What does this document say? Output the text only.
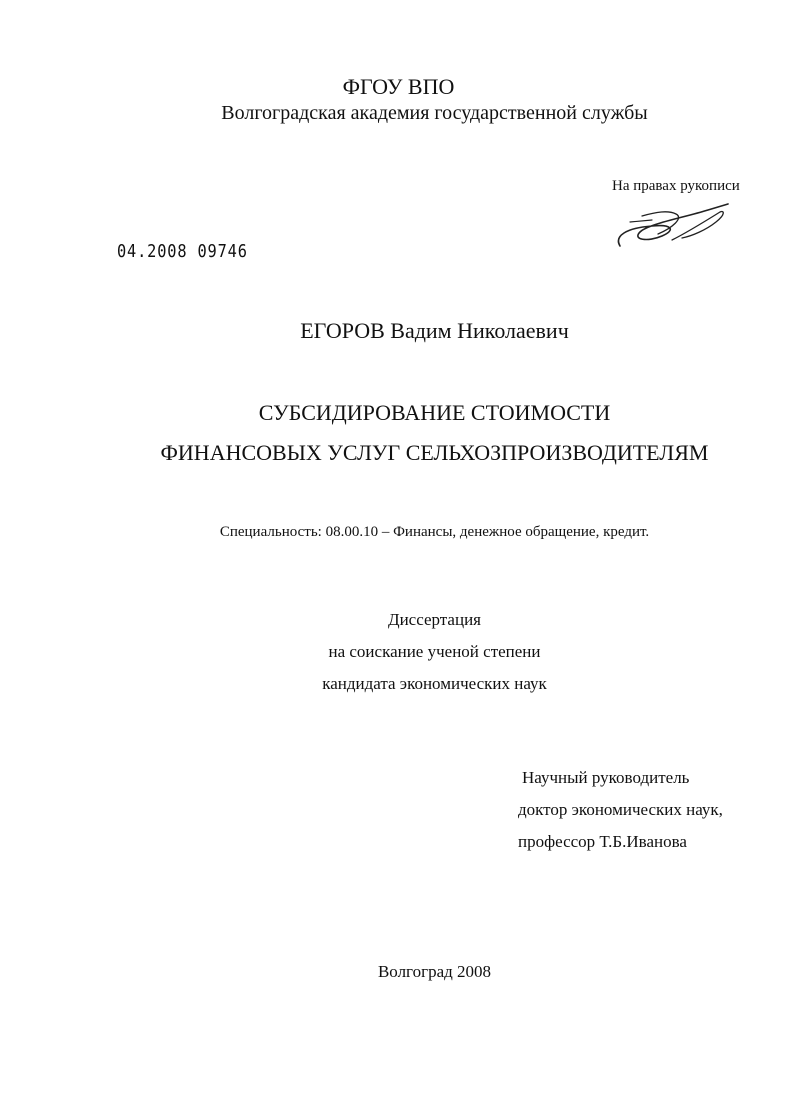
ФГОУ ВПО
Волгоградская академия государственной службы
На правах рукописи
04.2008 09746
ЕГОРОВ Вадим Николаевич
СУБСИДИРОВАНИЕ СТОИМОСТИ
ФИНАНСОВЫХ УСЛУГ СЕЛЬХОЗПРОИЗВОДИТЕЛЯМ
Специальность: 08.00.10 – Финансы, денежное обращение, кредит.
Диссертация
на соискание ученой степени
кандидата экономических наук
Научный руководитель
доктор экономических наук,
профессор Т.Б.Иванова
Волгоград 2008
